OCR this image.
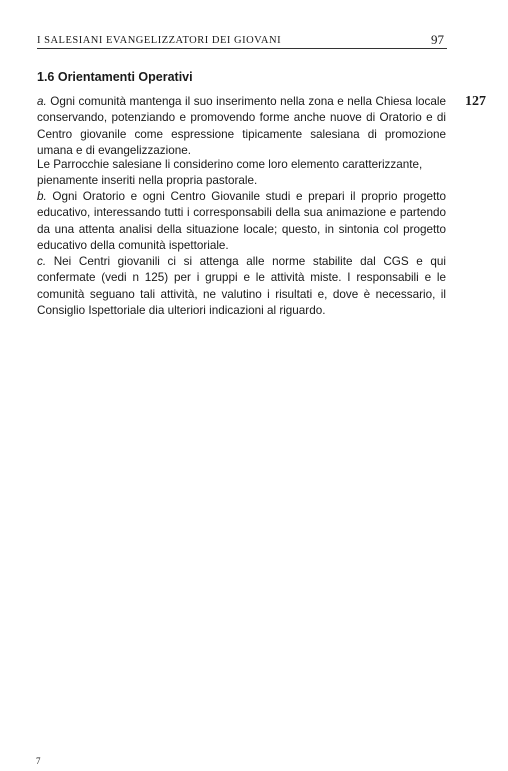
I SALESIANI EVANGELIZZATORI DEI GIOVANI	97
1.6 Orientamenti Operativi
127

a. Ogni comunità mantenga il suo inserimento nella zona e nella Chiesa locale conservando, potenziando e promovendo forme anche nuove di Oratorio e di Centro giovanile come espressione tipicamente salesiana di promozione umana e di evangelizzazione.

Le Parrocchie salesiane li considerino come loro elemento caratterizzante, pienamente inseriti nella propria pastorale.

b. Ogni Oratorio e ogni Centro Giovanile studi e prepari il proprio progetto educativo, interessando tutti i corresponsabili della sua animazione e partendo da una attenta analisi della situazione locale; questo, in sintonia col progetto educativo della comunità ispettoriale.

c. Nei Centri giovanili ci si attenga alle norme stabilite dal CGS e qui confermate (vedi n 125) per i gruppi e le attività miste. I responsabili e le comunità seguano tali attività, ne valutino i risultati e, dove è necessario, il Consiglio Ispettoriale dia ulteriori indicazioni al riguardo.

7
